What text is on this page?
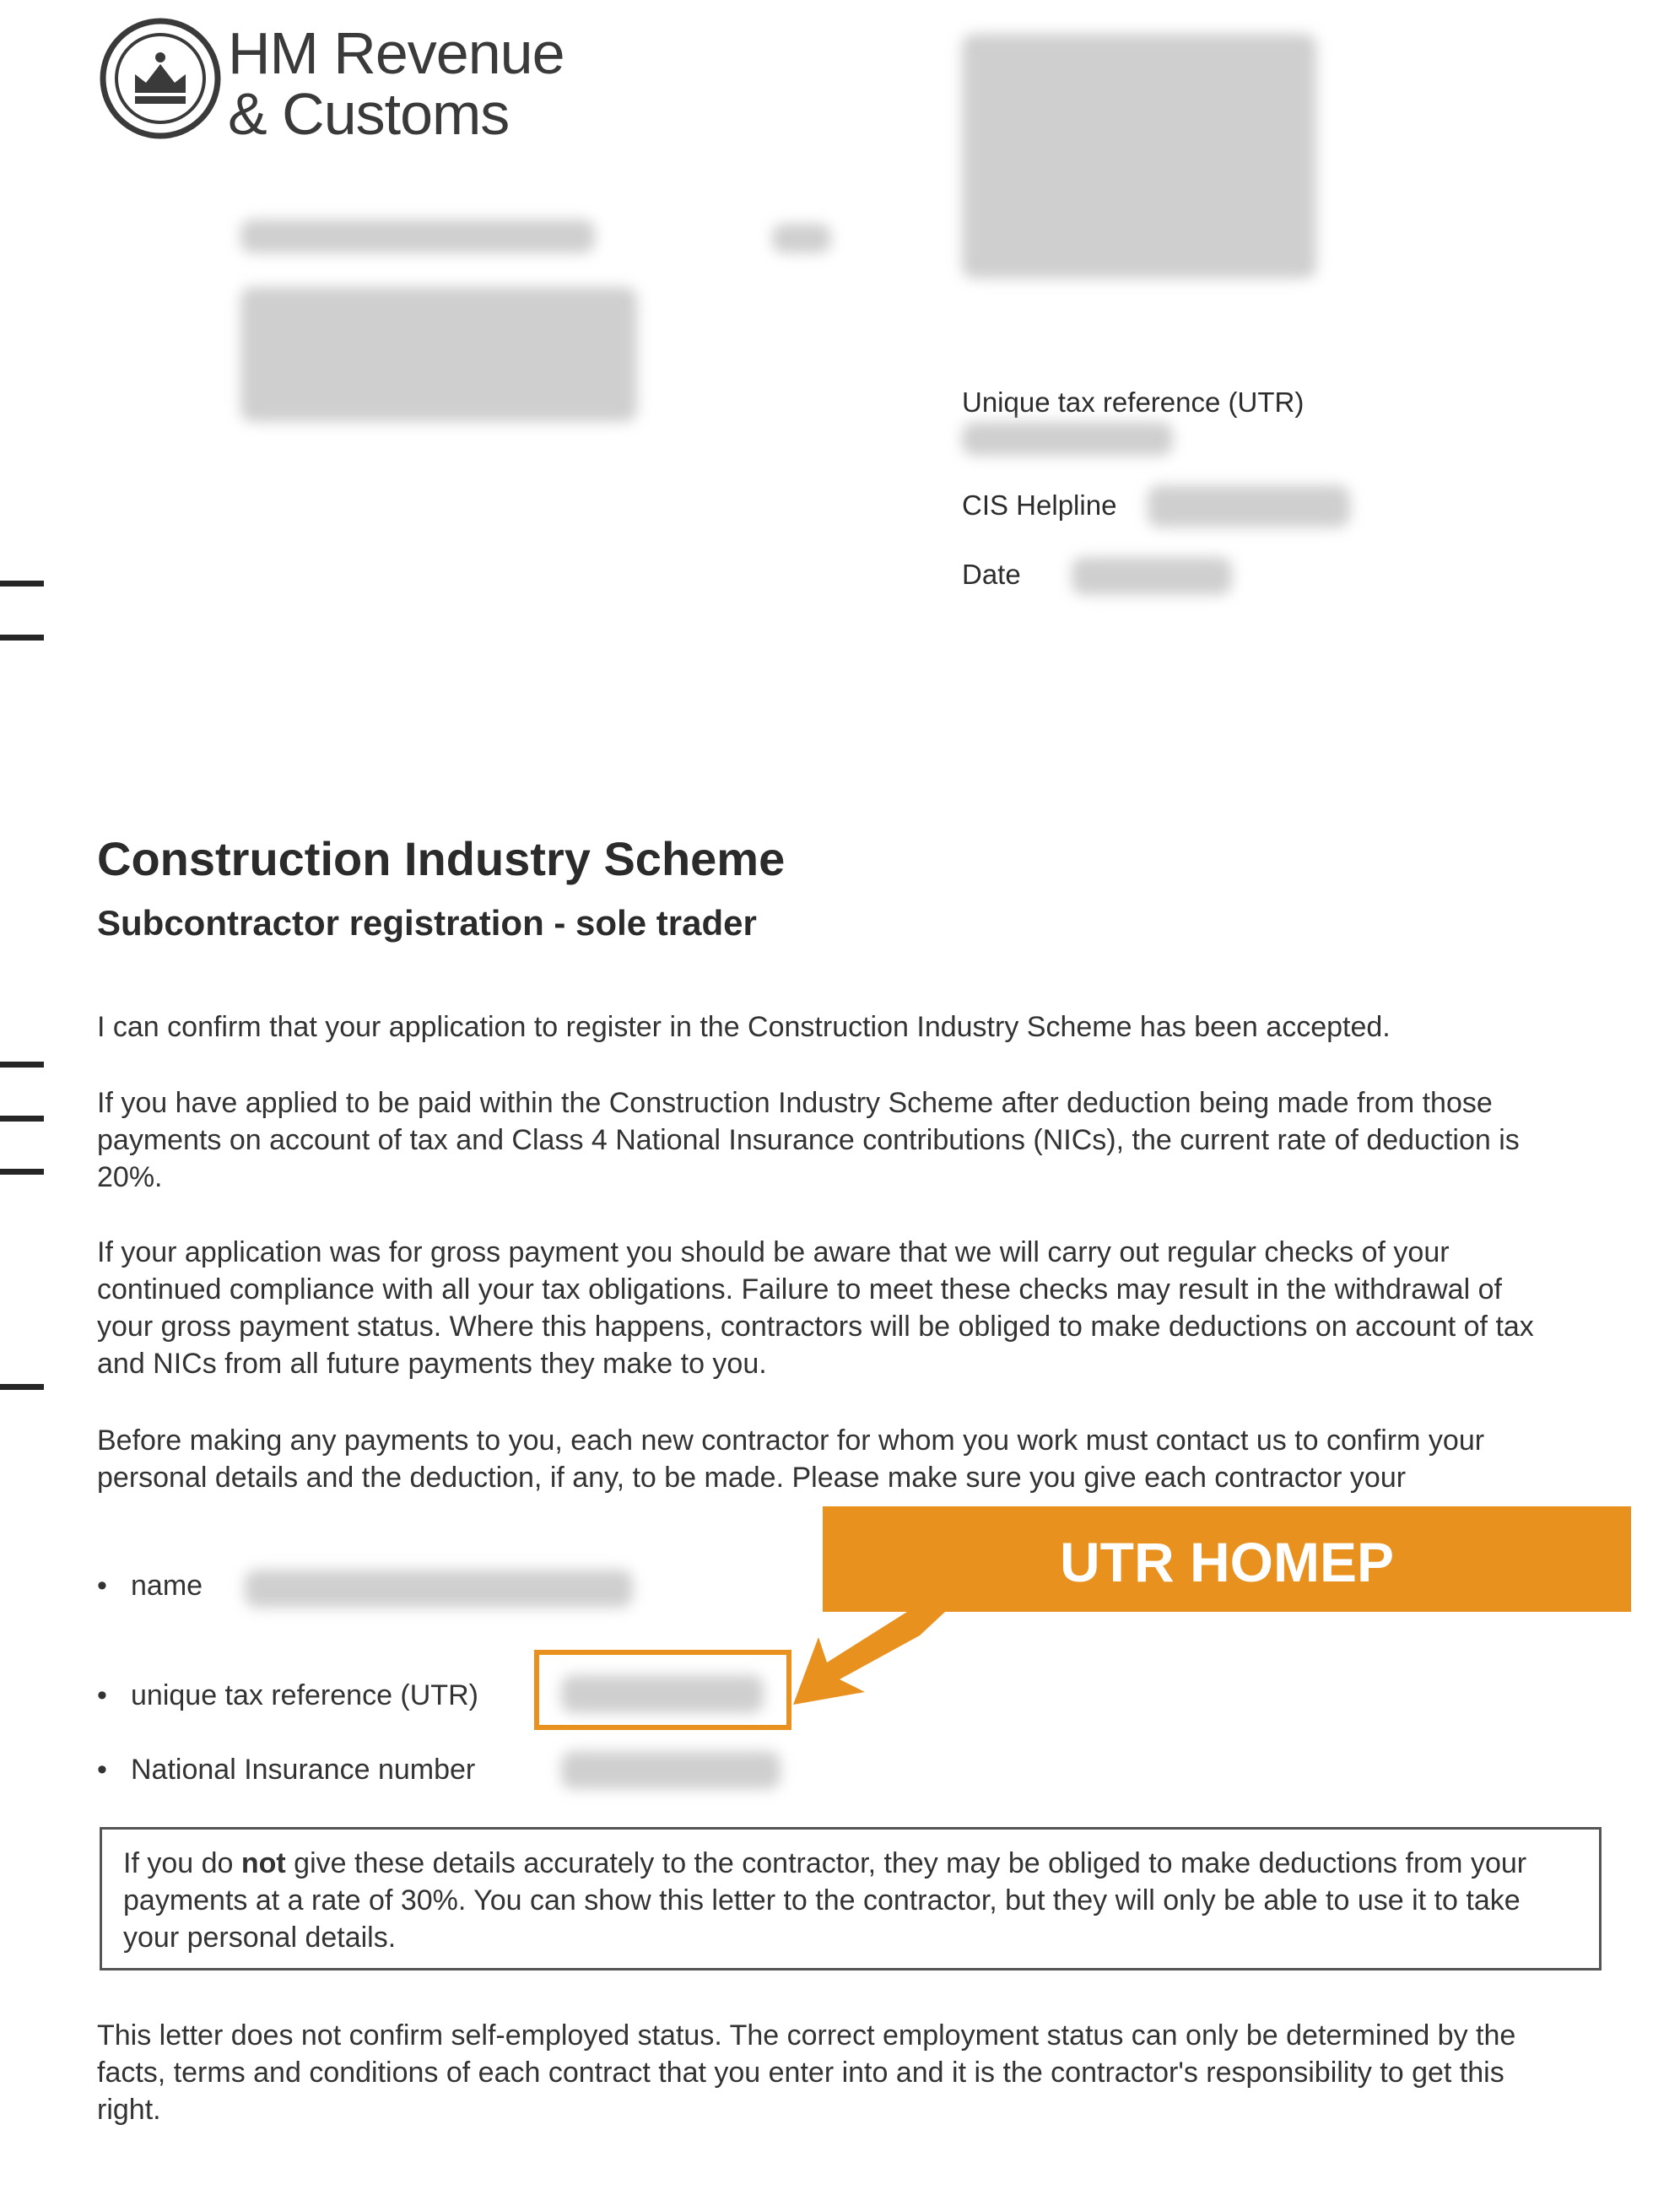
HM Revenue
& Customs
Unique tax reference (UTR)
CIS Helpline
Date
Construction Industry Scheme
Subcontractor registration - sole trader
I can confirm that your application to register in the Construction Industry Scheme has been accepted.
If you have applied to be paid within the Construction Industry Scheme after deduction being made from those payments on account of tax and Class 4 National Insurance contributions (NICs), the current rate of deduction is 20%.
If your application was for gross payment you should be aware that we will carry out regular checks of your continued compliance with all your tax obligations. Failure to meet these checks may result in the withdrawal of your gross payment status. Where this happens, contractors will be obliged to make deductions on account of tax and NICs from all future payments they make to you.
Before making any payments to you, each new contractor for whom you work must contact us to confirm your personal details and the deduction, if any, to be made. Please make sure you give each contractor your
• name
• unique tax reference (UTR)
• National Insurance number
If you do not give these details accurately to the contractor, they may be obliged to make deductions from your payments at a rate of 30%. You can show this letter to the contractor, but they will only be able to use it to take your personal details.
This letter does not confirm self-employed status. The correct employment status can only be determined by the facts, terms and conditions of each contract that you enter into and it is the contractor's responsibility to get this right.
UTR HOMEP
